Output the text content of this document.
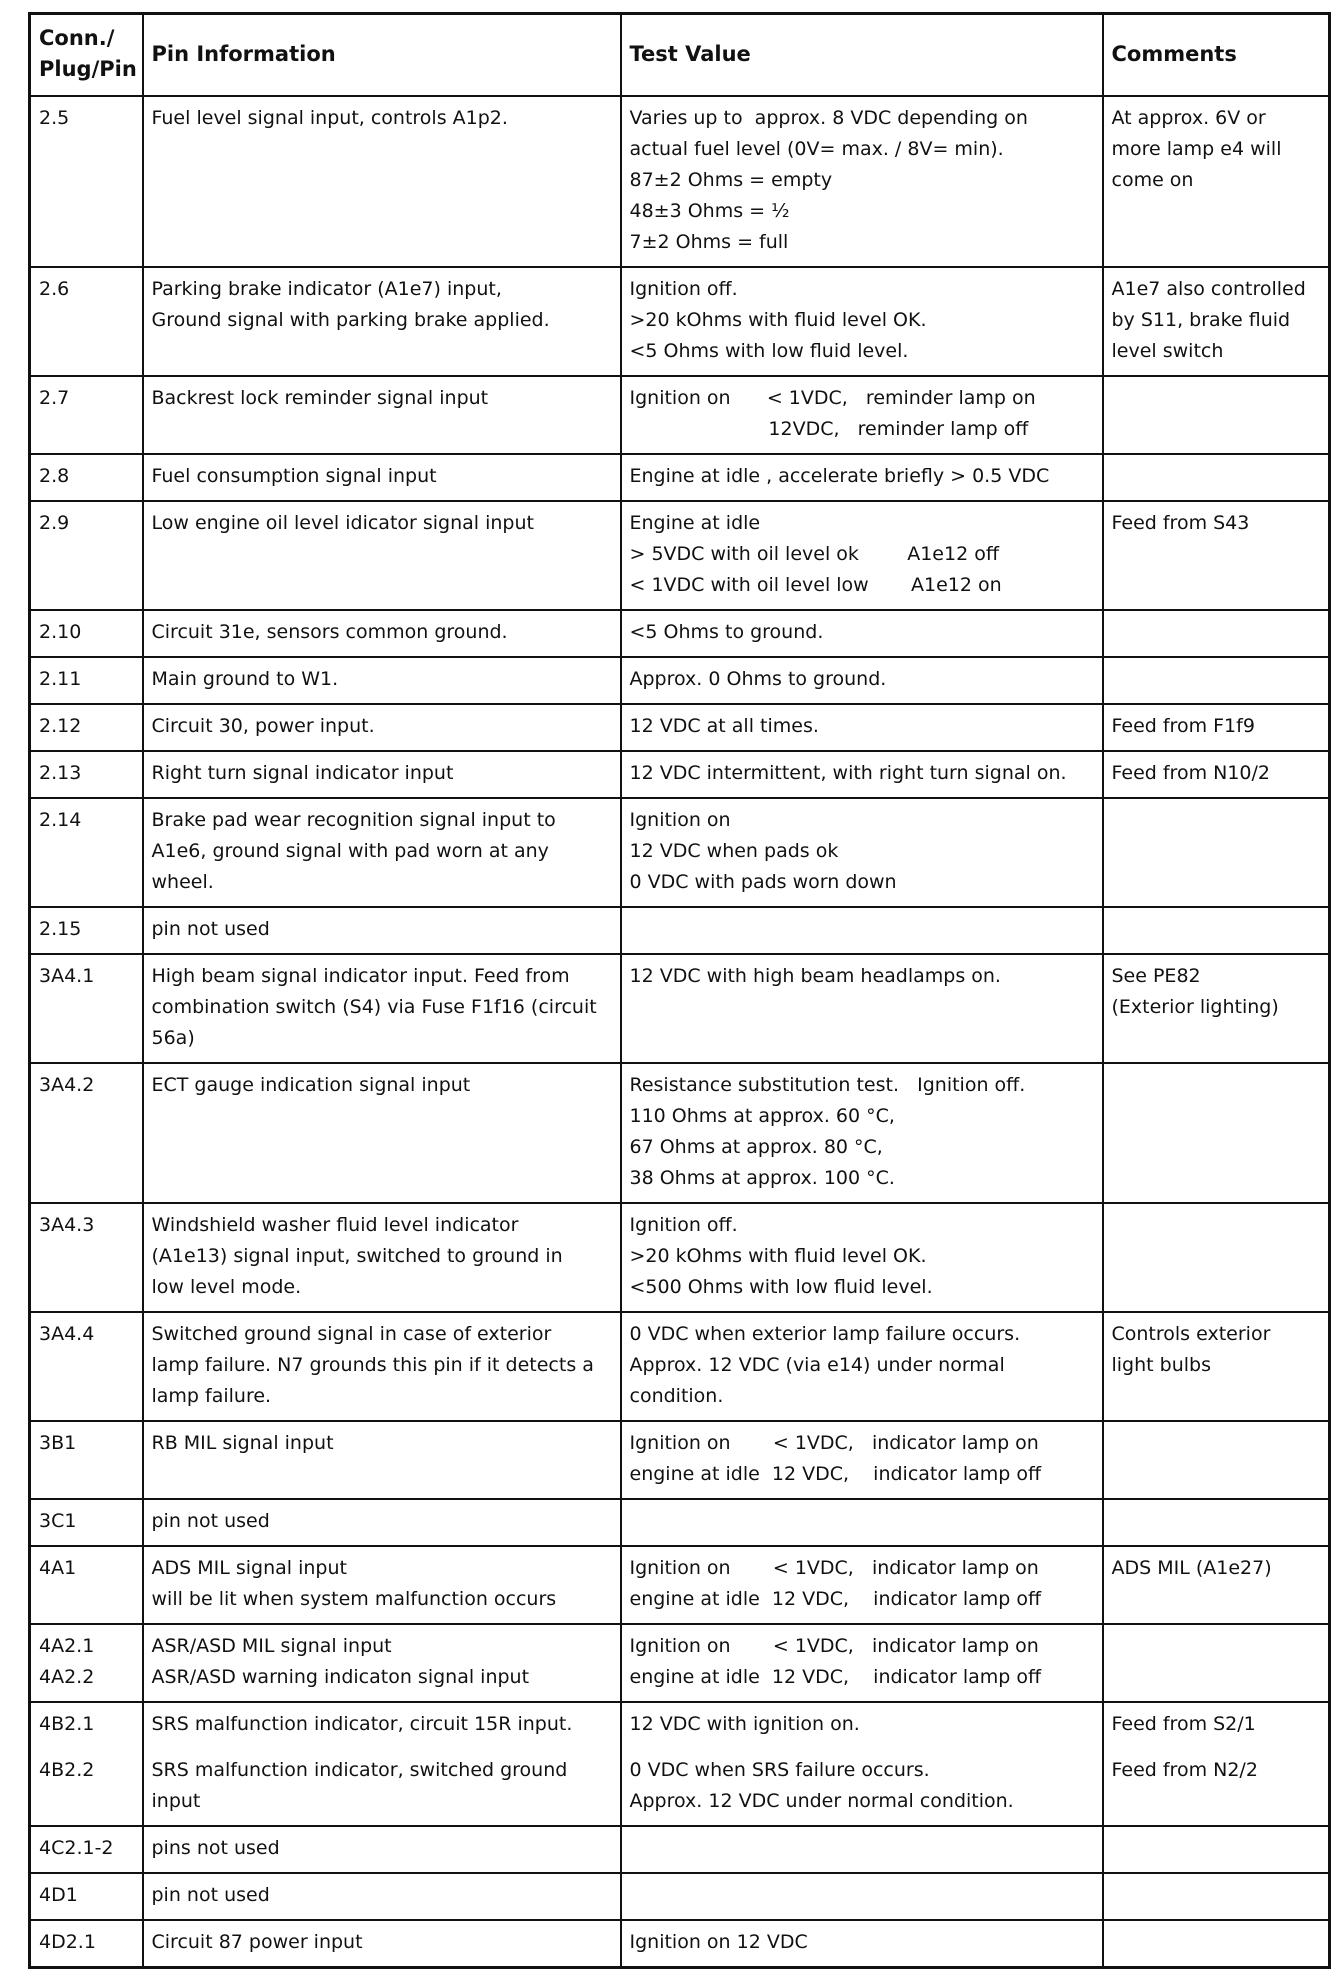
Conn./
Plug/Pin	Pin Information	Test Value	Comments

2.5	Fuel level signal input, controls A1p2.	Varies up to  approx. 8 VDC depending on
actual fuel level (0V= max. / 8V= min).
87±2 Ohms = empty
48±3 Ohms = ½
7±2 Ohms = full	At approx. 6V or
more lamp e4 will
come on

2.6	Parking brake indicator (A1e7) input,
Ground signal with parking brake applied.	Ignition off.
>20 kOhms with fluid level OK.
<5 Ohms with low fluid level.	A1e7 also controlled
by S11, brake fluid
level switch

2.7	Backrest lock reminder signal input	Ignition on      < 1VDC,   reminder lamp on
12VDC,   reminder lamp off	

2.8	Fuel consumption signal input	Engine at idle , accelerate briefly > 0.5 VDC	

2.9	Low engine oil level idicator signal input	Engine at idle
> 5VDC with oil level ok        A1e12 off
< 1VDC with oil level low       A1e12 on	Feed from S43

2.10	Circuit 31e, sensors common ground.	<5 Ohms to ground.	

2.11	Main ground to W1.	Approx. 0 Ohms to ground.	

2.12	Circuit 30, power input.	12 VDC at all times.	Feed from F1f9

2.13	Right turn signal indicator input	12 VDC intermittent, with right turn signal on.	Feed from N10/2

2.14	Brake pad wear recognition signal input to
A1e6, ground signal with pad worn at any
wheel.	Ignition on
12 VDC when pads ok
0 VDC with pads worn down	

2.15	pin not used		

3A4.1	High beam signal indicator input. Feed from
combination switch (S4) via Fuse F1f16 (circuit
56a)	12 VDC with high beam headlamps on.	See PE82
(Exterior lighting)

3A4.2	ECT gauge indication signal input	Resistance substitution test.   Ignition off.
110 Ohms at approx. 60 °C,
67 Ohms at approx. 80 °C,
38 Ohms at approx. 100 °C.	

3A4.3	Windshield washer fluid level indicator
(A1e13) signal input, switched to ground in
low level mode.	Ignition off.
>20 kOhms with fluid level OK.
<500 Ohms with low fluid level.	

3A4.4	Switched ground signal in case of exterior
lamp failure. N7 grounds this pin if it detects a
lamp failure.	0 VDC when exterior lamp failure occurs.
Approx. 12 VDC (via e14) under normal
condition.	Controls exterior
light bulbs

3B1	RB MIL signal input	Ignition on       < 1VDC,   indicator lamp on
engine at idle  12 VDC,    indicator lamp off	

3C1	pin not used		

4A1	ADS MIL signal input
will be lit when system malfunction occurs	Ignition on       < 1VDC,   indicator lamp on
engine at idle  12 VDC,    indicator lamp off	ADS MIL (A1e27)

4A2.1
4A2.2	ASR/ASD MIL signal input
ASR/ASD warning indicaton signal input	Ignition on       < 1VDC,   indicator lamp on
engine at idle  12 VDC,    indicator lamp off	

4B2.1
4B2.2	SRS malfunction indicator, circuit 15R input.
SRS malfunction indicator, switched ground
input	12 VDC with ignition on.
0 VDC when SRS failure occurs.
Approx. 12 VDC under normal condition.	Feed from S2/1
Feed from N2/2

4C2.1-2	pins not used		

4D1	pin not used		

4D2.1	Circuit 87 power input	Ignition on 12 VDC	
